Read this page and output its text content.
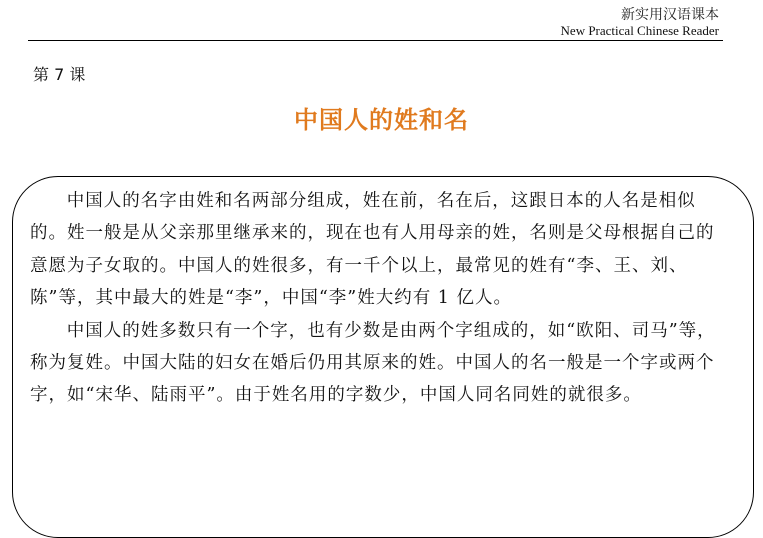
新实用汉语课本
New Practical Chinese Reader
第 7 课
中国人的姓和名

中国人的名字由姓和名两部分组成，姓在前，名在后，这跟日本的人名是相似的。姓一般是从父亲那里继承来的，现在也有人用母亲的姓，名则是父母根据自己的意愿为子女取的。中国人的姓很多，有一千个以上，最常见的姓有“李、王、刘、陈”等，其中最大的姓是“李”，中国“李”姓大约有 1 亿人。

中国人的姓多数只有一个字，也有少数是由两个字组成的，如“欧阳、司马”等，称为复姓。中国大陆的妇女在婚后仍用其原来的姓。中国人的名一般是一个字或两个字，如“宋华、陆雨平”。由于姓名用的字数少，中国人同名同姓的就很多。
